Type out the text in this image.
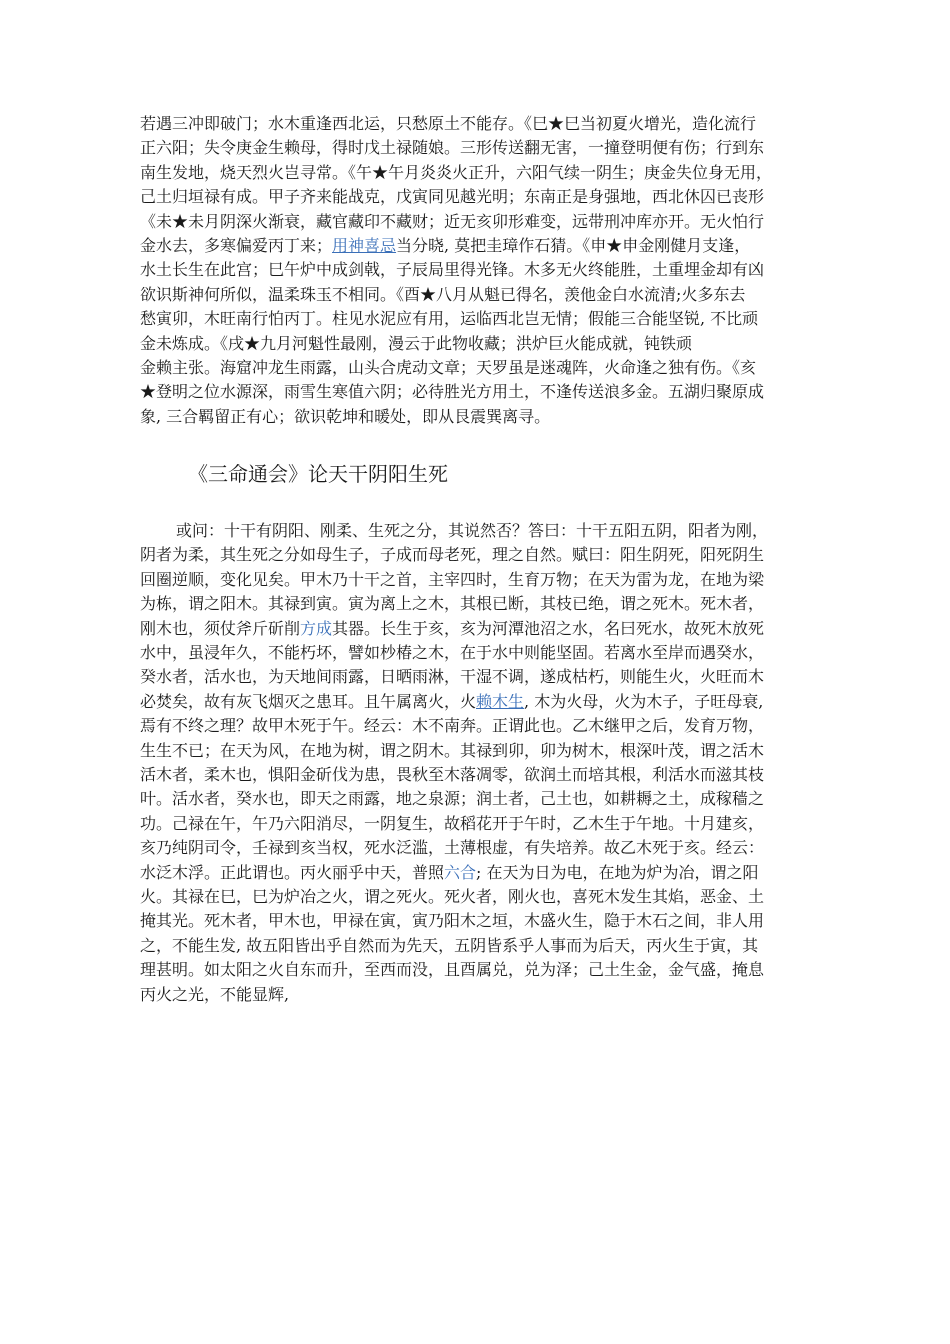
若遇三冲即破门；水木重逢西北运，只愁原土不能存。《巳★巳当初夏火增光，造化流行
正六阳；失令庚金生赖母，得时戊土禄随娘。三形传送翻无害，一撞登明便有伤；行到东
南生发地，烧天烈火岂寻常。《午★午月炎炎火正升，六阳气续一阴生；庚金失位身无用，
己土归垣禄有成。甲子齐来能战克，戊寅同见越光明；东南正是身强地，西北休囚已丧形
《未★未月阴深火渐衰，藏官藏印不藏财；近无亥卯形难变，远带刑冲库亦开。无火怕行
金水去，多寒偏爱丙丁来；用神喜忌当分晓, 莫把圭璋作石猜。《申★申金刚健月支逢，
水土长生在此宫；巳午炉中成剑戟，子辰局里得光锋。木多无火终能胜，土重埋金却有凶
欲识斯神何所似，温柔珠玉不相同。《酉★八月从魁已得名，羡他金白水流清;火多东去
愁寅卯，木旺南行怕丙丁。柱见水泥应有用，运临西北岂无情；假能三合能坚锐, 不比顽
金未炼成。《戌★九月河魁性最刚，漫云于此物收藏；洪炉巨火能成就，钝铁顽
金赖主张。海窟冲龙生雨露，山头合虎动文章；天罗虽是迷魂阵，火命逢之独有伤。《亥
★登明之位水源深，雨雪生寒值六阴；必待胜光方用土，不逢传送浪多金。五湖归聚原成
象, 三合羁留正有心；欲识乾坤和暖处，即从艮震巽离寻。
《三命通会》论天干阴阳生死
或问：十干有阴阳、刚柔、生死之分，其说然否？答曰：十干五阳五阴，阳者为刚，
阴者为柔，其生死之分如母生子，子成而母老死，理之自然。赋曰：阳生阴死，阳死阴生
回圈逆顺，变化见矣。甲木乃十干之首，主宰四时，生育万物；在天为雷为龙，在地为梁
为栋，谓之阳木。其禄到寅。寅为离上之木，其根已断，其枝已绝，谓之死木。死木者，
刚木也，须仗斧斤斫削方成其器。长生于亥，亥为河潭池沼之水，名曰死水，故死木放死
水中，虽浸年久，不能朽坏，譬如杪椿之木，在于水中则能坚固。若离水至岸而遇癸水，
癸水者，活水也，为天地间雨露，日晒雨淋，干湿不调，遂成枯朽，则能生火，火旺而木
必焚矣，故有灰飞烟灭之患耳。且午属离火，火赖木生, 木为火母，火为木子，子旺母衰,
焉有不终之理？故甲木死于午。经云：木不南奔。正谓此也。乙木继甲之后，发育万物，
生生不已；在天为风，在地为树，谓之阴木。其禄到卯，卯为树木，根深叶茂，谓之活木
活木者，柔木也，惧阳金斫伐为患，畏秋至木落凋零，欲润土而培其根，利活水而滋其枝
叶。活水者，癸水也，即天之雨露，地之泉源；润土者，己土也，如耕耨之土，成稼穑之
功。己禄在午，午乃六阳消尽，一阴复生，故稻花开于午时，乙木生于午地。十月建亥，
亥乃纯阴司令，壬禄到亥当权，死水泛滥，土薄根虚，有失培养。故乙木死于亥。经云：
水泛木浮。正此谓也。丙火丽乎中天，普照六合; 在天为日为电，在地为炉为冶，谓之阳
火。其禄在巳，巳为炉冶之火，谓之死火。死火者，刚火也，喜死木发生其焰，恶金、土
掩其光。死木者，甲木也，甲禄在寅，寅乃阳木之垣，木盛火生，隐于木石之间，非人用
之，不能生发, 故五阳皆出乎自然而为先天，五阴皆系乎人事而为后天，丙火生于寅，其
理甚明。如太阳之火自东而升，至西而没，且酉属兑，兑为泽；己土生金，金气盛，掩息
丙火之光，不能显辉,
